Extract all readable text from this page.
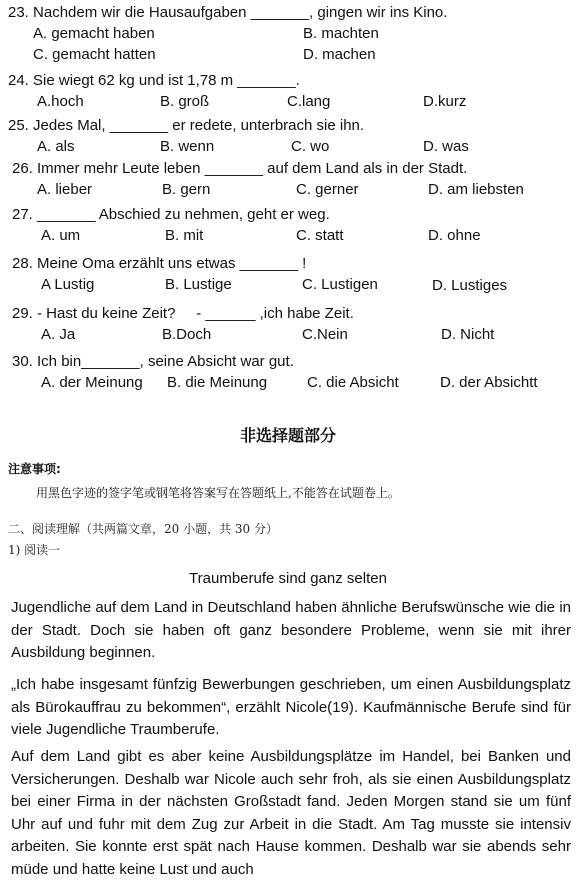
23. Nachdem wir die Hausaufgaben _______, gingen wir ins Kino.
A. gemacht haben	B. machten
C. gemacht hatten	D. machen
24. Sie wiegt 62 kg und ist 1,78 m _______.
A.hoch	B. groß	C.lang	D.kurz
25. Jedes Mal, _______ er redete, unterbrach sie ihn.
A. als	B. wenn	C. wo	D. was
26. Immer mehr Leute leben _______ auf dem Land als in der Stadt.
A. lieber	B. gern	C. gerner	D. am liebsten
27. _______ Abschied zu nehmen, geht er weg.
A. um	B. mit	C. statt	D. ohne
28. Meine Oma erzählt uns etwas _______ !
A Lustig	B. Lustige	C. Lustigen	D. Lustiges
29. - Hast du keine Zeit?     - ______ ,ich habe Zeit.
A. Ja	B.Doch	C.Nein	D. Nicht
30. Ich bin_______, seine Absicht war gut.
A. der Meinung B. die Meinung	C. die Absicht	D. der Absichtt
非选择题部分
注意事项:
用黑色字迹的签字笔或钢笔将答案写在答题纸上,不能答在试题卷上。
二、阅读理解（共两篇文章，20 小题，共 30 分）
1) 阅读一
Traumberufe sind ganz selten
Jugendliche auf dem Land in Deutschland haben ähnliche Berufswünsche wie die in der Stadt. Doch sie haben oft ganz besondere Probleme, wenn sie mit ihrer Ausbildung beginnen.
„Ich habe insgesamt fünfzig Bewerbungen geschrieben, um einen Ausbildungsplatz als Bürokauffrau zu bekommen“, erzählt Nicole(19). Kaufmännische Berufe sind für viele Jugendliche Traumberufe.
Auf dem Land gibt es aber keine Ausbildungsplätze im Handel, bei Banken und Versicherungen. Deshalb war Nicole auch sehr froh, als sie einen Ausbildungsplatz bei einer Firma in der nächsten Großstadt fand. Jeden Morgen stand sie um fünf Uhr auf und fuhr mit dem Zug zur Arbeit in die Stadt. Am Tag musste sie intensiv arbeiten. Sie konnte erst spät nach Hause kommen. Deshalb war sie abends sehr müde und hatte keine Lust und auch
